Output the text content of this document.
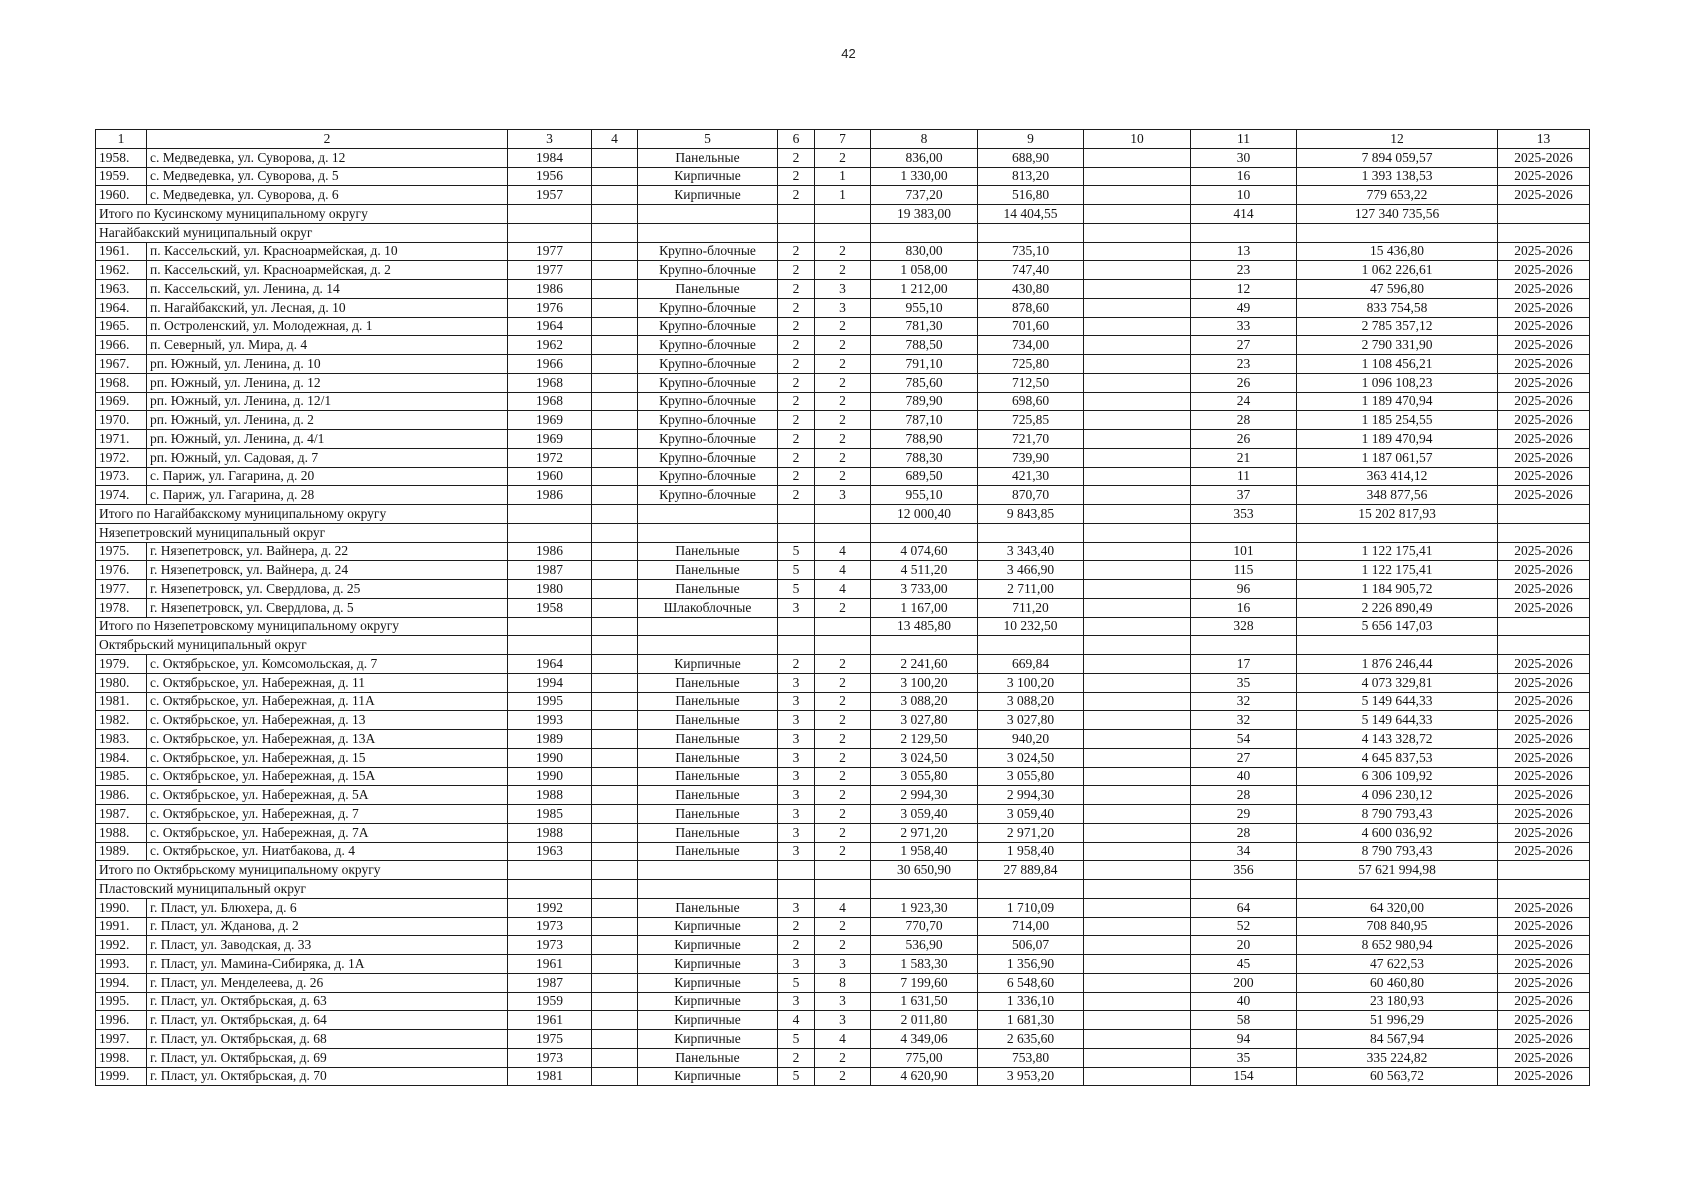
42
1	2	3	4	5	6	7	8	9	10	11	12	13
1958.	с. Медведевка, ул. Суворова, д. 12	1984		Панельные	2	2	836,00	688,90		30	7 894 059,57	2025-2026
1959.	с. Медведевка, ул. Суворова, д. 5	1956		Кирпичные	2	1	1 330,00	813,20		16	1 393 138,53	2025-2026
1960.	с. Медведевка, ул. Суворова, д. 6	1957		Кирпичные	2	1	737,20	516,80		10	779 653,22	2025-2026
Итого по Кусинскому муниципальному округу							19 383,00	14 404,55		414	127 340 735,56	
Нагайбакский муниципальный округ												
1961.	п. Кассельский, ул. Красноармейская, д. 10	1977		Крупно-блочные	2	2	830,00	735,10		13	15 436,80	2025-2026
1962.	п. Кассельский, ул. Красноармейская, д. 2	1977		Крупно-блочные	2	2	1 058,00	747,40		23	1 062 226,61	2025-2026
1963.	п. Кассельский, ул. Ленина, д. 14	1986		Панельные	2	3	1 212,00	430,80		12	47 596,80	2025-2026
1964.	п. Нагайбакский, ул. Лесная, д. 10	1976		Крупно-блочные	2	3	955,10	878,60		49	833 754,58	2025-2026
1965.	п. Остроленский, ул. Молодежная, д. 1	1964		Крупно-блочные	2	2	781,30	701,60		33	2 785 357,12	2025-2026
1966.	п. Северный, ул. Мира, д. 4	1962		Крупно-блочные	2	2	788,50	734,00		27	2 790 331,90	2025-2026
1967.	рп. Южный, ул. Ленина, д. 10	1966		Крупно-блочные	2	2	791,10	725,80		23	1 108 456,21	2025-2026
1968.	рп. Южный, ул. Ленина, д. 12	1968		Крупно-блочные	2	2	785,60	712,50		26	1 096 108,23	2025-2026
1969.	рп. Южный, ул. Ленина, д. 12/1	1968		Крупно-блочные	2	2	789,90	698,60		24	1 189 470,94	2025-2026
1970.	рп. Южный, ул. Ленина, д. 2	1969		Крупно-блочные	2	2	787,10	725,85		28	1 185 254,55	2025-2026
1971.	рп. Южный, ул. Ленина, д. 4/1	1969		Крупно-блочные	2	2	788,90	721,70		26	1 189 470,94	2025-2026
1972.	рп. Южный, ул. Садовая, д. 7	1972		Крупно-блочные	2	2	788,30	739,90		21	1 187 061,57	2025-2026
1973.	с. Париж, ул. Гагарина, д. 20	1960		Крупно-блочные	2	2	689,50	421,30		11	363 414,12	2025-2026
1974.	с. Париж, ул. Гагарина, д. 28	1986		Крупно-блочные	2	3	955,10	870,70		37	348 877,56	2025-2026
Итого по Нагайбакскому муниципальному округу							12 000,40	9 843,85		353	15 202 817,93	
Нязепетровский муниципальный округ												
1975.	г. Нязепетровск, ул. Вайнера, д. 22	1986		Панельные	5	4	4 074,60	3 343,40		101	1 122 175,41	2025-2026
1976.	г. Нязепетровск, ул. Вайнера, д. 24	1987		Панельные	5	4	4 511,20	3 466,90		115	1 122 175,41	2025-2026
1977.	г. Нязепетровск, ул. Свердлова, д. 25	1980		Панельные	5	4	3 733,00	2 711,00		96	1 184 905,72	2025-2026
1978.	г. Нязепетровск, ул. Свердлова, д. 5	1958		Шлакоблочные	3	2	1 167,00	711,20		16	2 226 890,49	2025-2026
Итого по Нязепетровскому муниципальному округу							13 485,80	10 232,50		328	5 656 147,03	
Октябрьский муниципальный округ												
1979.	с. Октябрьское, ул. Комсомольская, д. 7	1964		Кирпичные	2	2	2 241,60	669,84		17	1 876 246,44	2025-2026
1980.	с. Октябрьское, ул. Набережная, д. 11	1994		Панельные	3	2	3 100,20	3 100,20		35	4 073 329,81	2025-2026
1981.	с. Октябрьское, ул. Набережная, д. 11А	1995		Панельные	3	2	3 088,20	3 088,20		32	5 149 644,33	2025-2026
1982.	с. Октябрьское, ул. Набережная, д. 13	1993		Панельные	3	2	3 027,80	3 027,80		32	5 149 644,33	2025-2026
1983.	с. Октябрьское, ул. Набережная, д. 13А	1989		Панельные	3	2	2 129,50	940,20		54	4 143 328,72	2025-2026
1984.	с. Октябрьское, ул. Набережная, д. 15	1990		Панельные	3	2	3 024,50	3 024,50		27	4 645 837,53	2025-2026
1985.	с. Октябрьское, ул. Набережная, д. 15А	1990		Панельные	3	2	3 055,80	3 055,80		40	6 306 109,92	2025-2026
1986.	с. Октябрьское, ул. Набережная, д. 5А	1988		Панельные	3	2	2 994,30	2 994,30		28	4 096 230,12	2025-2026
1987.	с. Октябрьское, ул. Набережная, д. 7	1985		Панельные	3	2	3 059,40	3 059,40		29	8 790 793,43	2025-2026
1988.	с. Октябрьское, ул. Набережная, д. 7А	1988		Панельные	3	2	2 971,20	2 971,20		28	4 600 036,92	2025-2026
1989.	с. Октябрьское, ул. Ниатбакова, д. 4	1963		Панельные	3	2	1 958,40	1 958,40		34	8 790 793,43	2025-2026
Итого по Октябрьскому муниципальному округу							30 650,90	27 889,84		356	57 621 994,98	
Пластовский муниципальный округ												
1990.	г. Пласт, ул. Блюхера, д. 6	1992		Панельные	3	4	1 923,30	1 710,09		64	64 320,00	2025-2026
1991.	г. Пласт, ул. Жданова, д. 2	1973		Кирпичные	2	2	770,70	714,00		52	708 840,95	2025-2026
1992.	г. Пласт, ул. Заводская, д. 33	1973		Кирпичные	2	2	536,90	506,07		20	8 652 980,94	2025-2026
1993.	г. Пласт, ул. Мамина-Сибиряка, д. 1А	1961		Кирпичные	3	3	1 583,30	1 356,90		45	47 622,53	2025-2026
1994.	г. Пласт, ул. Менделеева, д. 26	1987		Кирпичные	5	8	7 199,60	6 548,60		200	60 460,80	2025-2026
1995.	г. Пласт, ул. Октябрьская, д. 63	1959		Кирпичные	3	3	1 631,50	1 336,10		40	23 180,93	2025-2026
1996.	г. Пласт, ул. Октябрьская, д. 64	1961		Кирпичные	4	3	2 011,80	1 681,30		58	51 996,29	2025-2026
1997.	г. Пласт, ул. Октябрьская, д. 68	1975		Кирпичные	5	4	4 349,06	2 635,60		94	84 567,94	2025-2026
1998.	г. Пласт, ул. Октябрьская, д. 69	1973		Панельные	2	2	775,00	753,80		35	335 224,82	2025-2026
1999.	г. Пласт, ул. Октябрьская, д. 70	1981		Кирпичные	5	2	4 620,90	3 953,20		154	60 563,72	2025-2026
